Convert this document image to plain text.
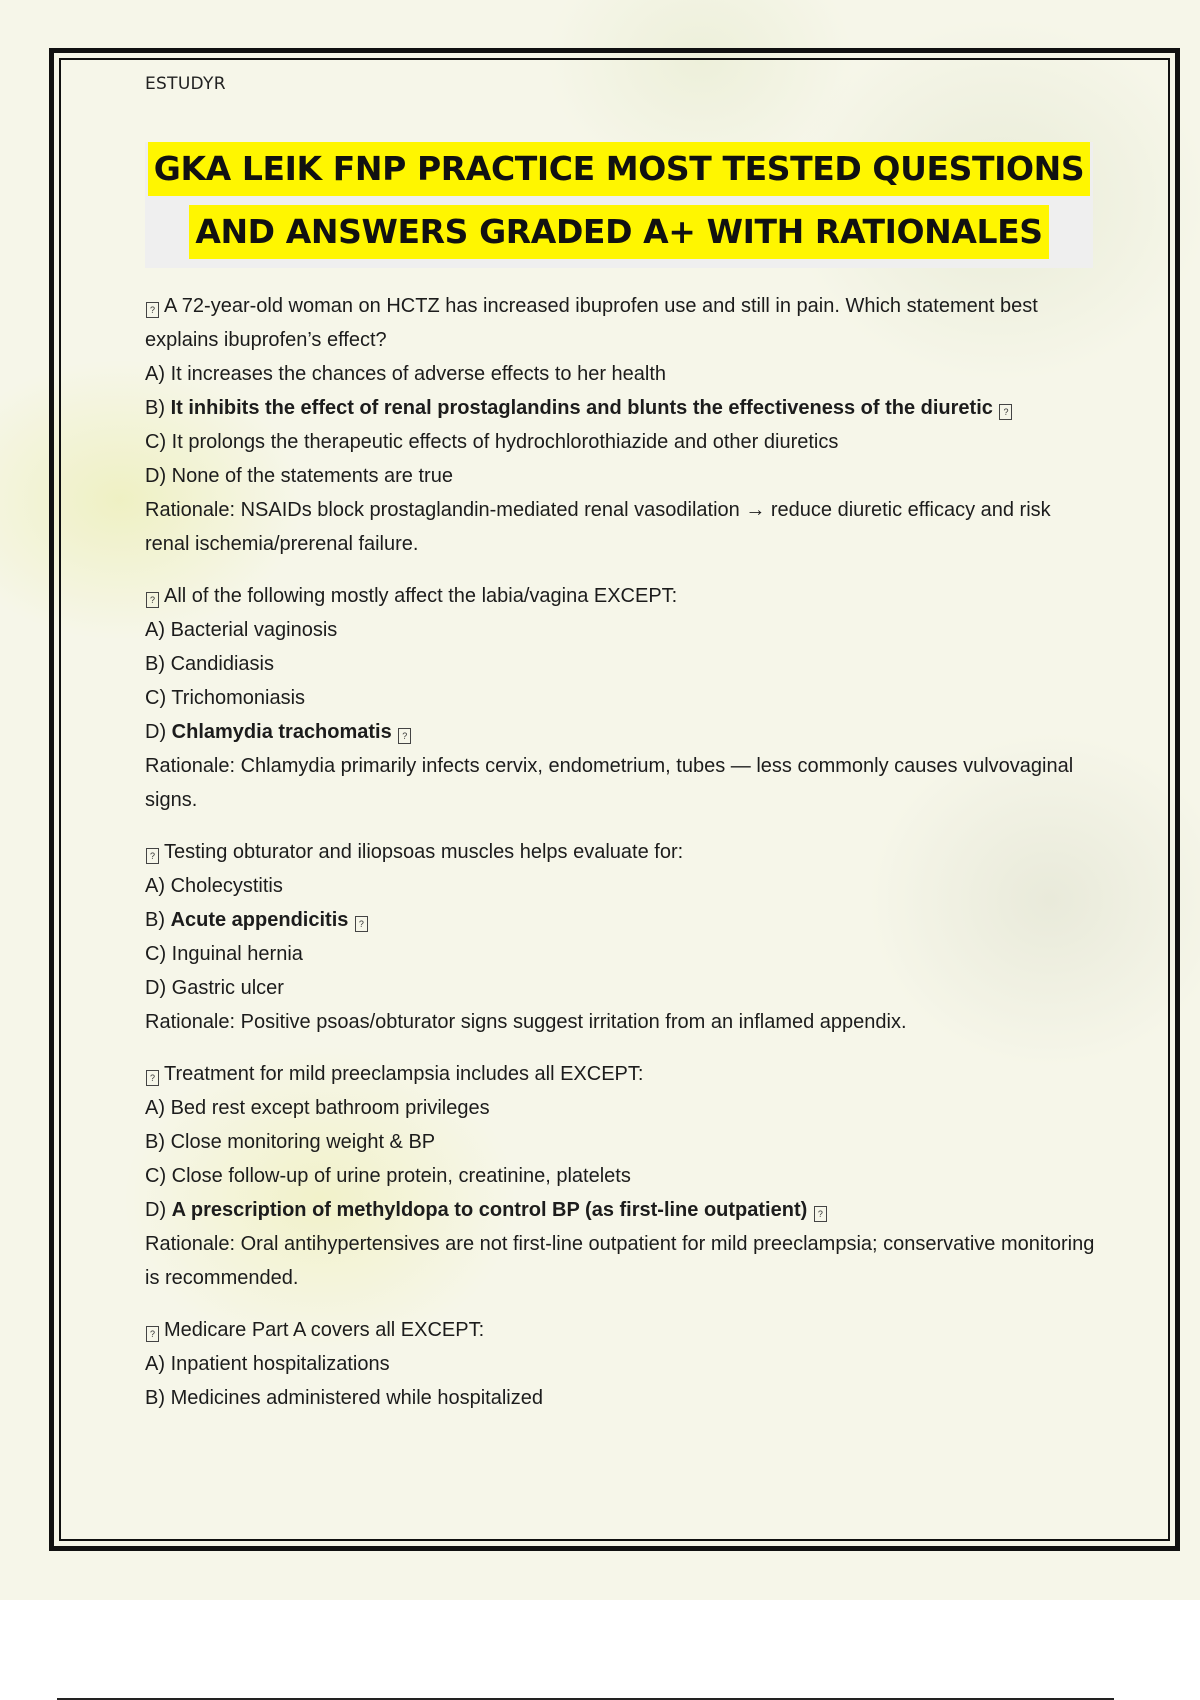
ESTUDYR
GKA LEIK FNP PRACTICE MOST TESTED QUESTIONS
AND ANSWERS GRADED A+ WITH RATIONALES
? A 72-year-old woman on HCTZ has increased ibuprofen use and still in pain. Which statement best explains ibuprofen’s effect?
A) It increases the chances of adverse effects to her health
B) It inhibits the effect of renal prostaglandins and blunts the effectiveness of the diuretic ?
C) It prolongs the therapeutic effects of hydrochlorothiazide and other diuretics
D) None of the statements are true
Rationale: NSAIDs block prostaglandin-mediated renal vasodilation → reduce diuretic efficacy and risk renal ischemia/prerenal failure.
? All of the following mostly affect the labia/vagina EXCEPT:
A) Bacterial vaginosis
B) Candidiasis
C) Trichomoniasis
D) Chlamydia trachomatis ?
Rationale: Chlamydia primarily infects cervix, endometrium, tubes — less commonly causes vulvovaginal signs.
? Testing obturator and iliopsoas muscles helps evaluate for:
A) Cholecystitis
B) Acute appendicitis ?
C) Inguinal hernia
D) Gastric ulcer
Rationale: Positive psoas/obturator signs suggest irritation from an inflamed appendix.
? Treatment for mild preeclampsia includes all EXCEPT:
A) Bed rest except bathroom privileges
B) Close monitoring weight & BP
C) Close follow-up of urine protein, creatinine, platelets
D) A prescription of methyldopa to control BP (as first-line outpatient) ?
Rationale: Oral antihypertensives are not first-line outpatient for mild preeclampsia; conservative monitoring is recommended.
? Medicare Part A covers all EXCEPT:
A) Inpatient hospitalizations
B) Medicines administered while hospitalized
